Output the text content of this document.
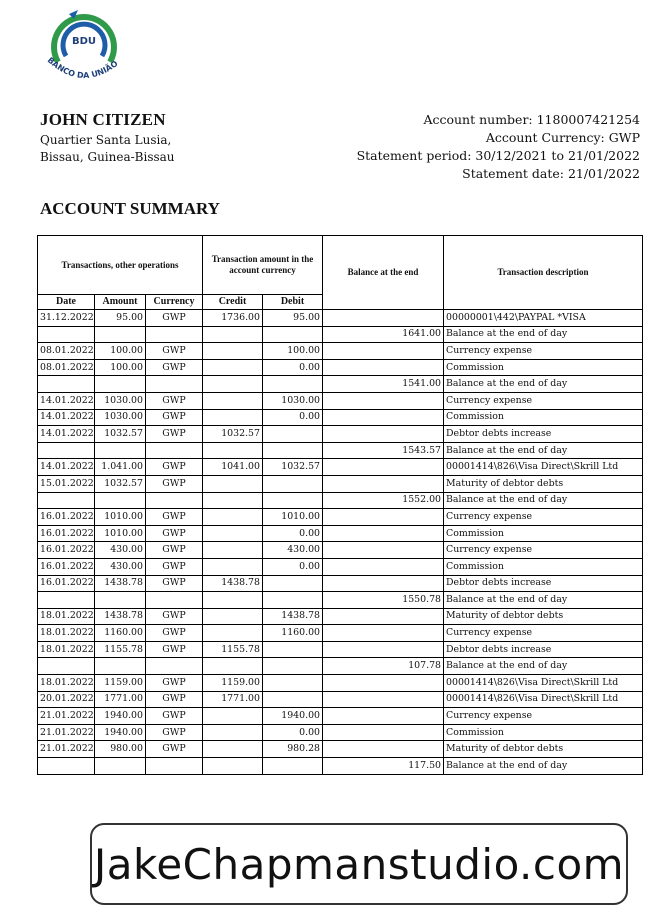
BDU
BANCO DA UNIÃO
JOHN CITIZEN
Quartier Santa Lusia,
Bissau, Guinea-Bissau
Account number: 1180007421254
Account Currency: GWP
Statement period: 30/12/2021 to 21/01/2022
Statement date: 21/01/2022
ACCOUNT SUMMARY
Transactions, other operations			Transaction amount in the account currency		Balance at the end	Transaction description
Date	Amount	Currency	Credit	Debit		
31.12.2022	95.00	GWP	1736.00	95.00		00000001\442\PAYPAL *VISA
					1641.00	Balance at the end of day
08.01.2022	100.00	GWP		100.00		Currency expense
08.01.2022	100.00	GWP		0.00		Commission
					1541.00	Balance at the end of day
14.01.2022	1030.00	GWP		1030.00		Currency expense
14.01.2022	1030.00	GWP		0.00		Commission
14.01.2022	1032.57	GWP	1032.57			Debtor debts increase
					1543.57	Balance at the end of day
14.01.2022	1.041.00	GWP	1041.00	1032.57		00001414\826\Visa Direct\Skrill Ltd
15.01.2022	1032.57	GWP				Maturity of debtor debts
					1552.00	Balance at the end of day
16.01.2022	1010.00	GWP		1010.00		Currency expense
16.01.2022	1010.00	GWP		0.00		Commission
16.01.2022	430.00	GWP		430.00		Currency expense
16.01.2022	430.00	GWP		0.00		Commission
16.01.2022	1438.78	GWP	1438.78			Debtor debts increase
					1550.78	Balance at the end of day
18.01.2022	1438.78	GWP		1438.78		Maturity of debtor debts
18.01.2022	1160.00	GWP		1160.00		Currency expense
18.01.2022	1155.78	GWP	1155.78			Debtor debts increase
					107.78	Balance at the end of day
18.01.2022	1159.00	GWP	1159.00			00001414\826\Visa Direct\Skrill Ltd
20.01.2022	1771.00	GWP	1771.00			00001414\826\Visa Direct\Skrill Ltd
21.01.2022	1940.00	GWP		1940.00		Currency expense
21.01.2022	1940.00	GWP		0.00		Commission
21.01.2022	980.00	GWP		980.28		Maturity of debtor debts
					117.50	Balance at the end of day
JakeChapmanstudio.com
